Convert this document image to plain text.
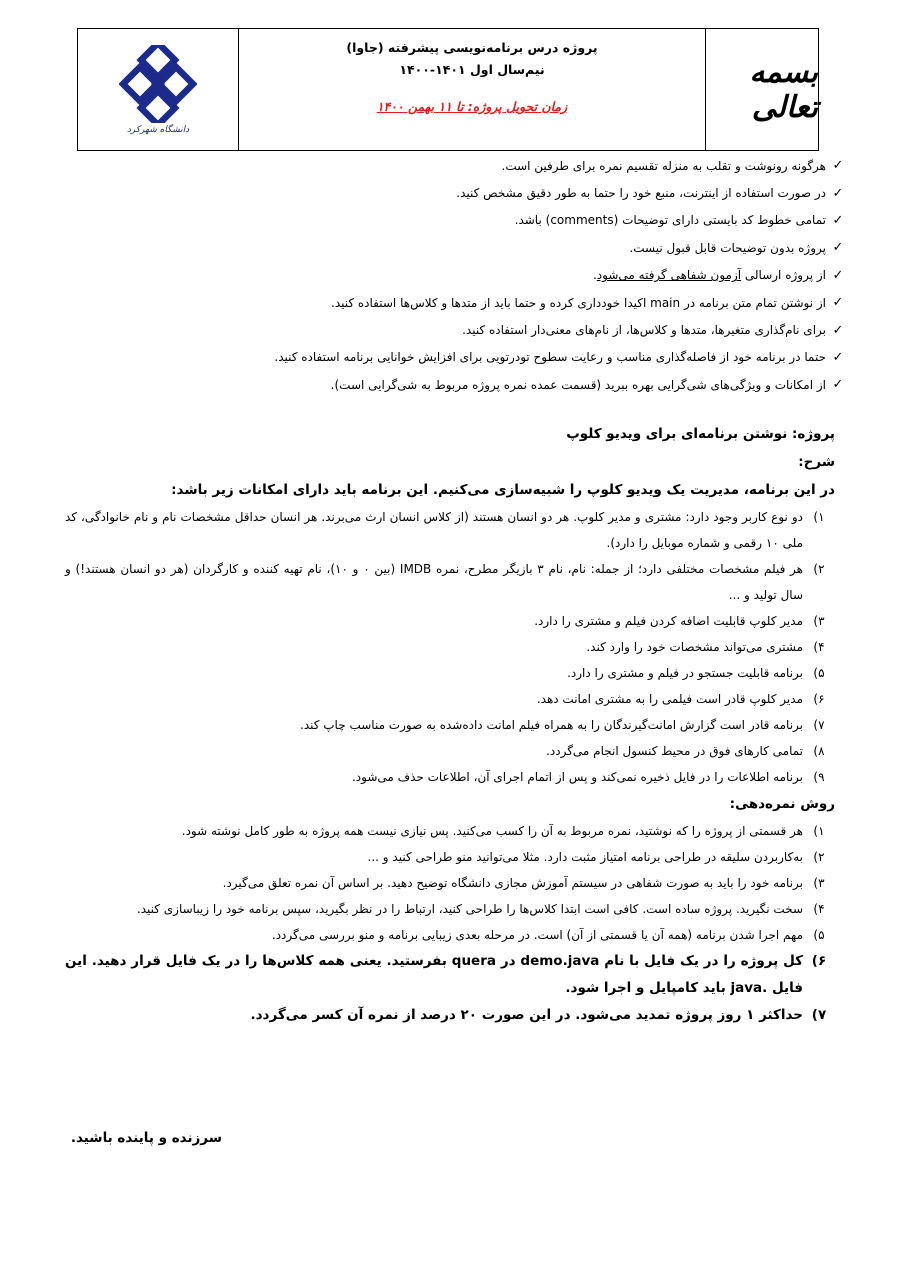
بسمه تعالی
پروژه درس برنامه‌نویسی پیشرفته (جاوا)
نیم‌سال اول ۱۴۰۱-۱۴۰۰
زمان تحویل پروژه: تا ۱۱ بهمن ۱۴۰۰
دانشگاه شهرکرد
✓
هرگونه رونوشت و تقلب به منزله تقسیم نمره برای طرفین است.
✓
در صورت استفاده از اینترنت، منبع خود را حتما به طور دقیق مشخص کنید.
✓
تمامی خطوط کد بایستی دارای توضیحات (comments) باشد.
✓
پروژه بدون توضیحات قابل قبول نیست.
✓
از پروژه ارسالی آزمون شفاهی گرفته می‌شود.
✓
از نوشتن تمام متن برنامه در main اکیدا خودداری کرده و حتما باید از متدها و کلاس‌ها استفاده کنید.
✓
برای نام‌گذاری متغیرها، متدها و کلاس‌ها، از نام‌های معنی‌دار استفاده کنید.
✓
حتما در برنامه خود از فاصله‌گذاری مناسب و رعایت سطوح تودرتویی برای افزایش خوانایی برنامه استفاده کنید.
✓
از امکانات و ویژگی‌های شی‌گرایی بهره ببرید (قسمت عمده نمره پروژه مربوط به شی‌گرایی است).
پروژه: نوشتن برنامه‌ای برای ویدیو کلوپ
شرح:
در این برنامه، مدیریت یک ویدیو کلوپ را شبیه‌سازی می‌کنیم. این برنامه باید دارای امکانات زیر باشد:
۱)
دو نوع کاربر وجود دارد: مشتری و مدیر کلوپ. هر دو انسان هستند (از کلاس انسان ارث می‌برند. هر انسان حداقل مشخصات نام و نام خانوادگی، کد ملی ۱۰ رقمی و شماره موبایل را دارد).
۲)
هر فیلم مشخصات مختلفی دارد؛ از جمله: نام، نام ۳ بازیگر مطرح، نمره IMDB (بین ۰ و ۱۰)، نام تهیه کننده و کارگردان (هر دو انسان هستند!) و سال تولید و ...
۳)
مدیر کلوپ قابلیت اضافه کردن فیلم و مشتری را دارد.
۴)
مشتری می‌تواند مشخصات خود را وارد کند.
۵)
برنامه قابلیت جستجو در فیلم و مشتری را دارد.
۶)
مدیر کلوپ قادر است فیلمی را به مشتری امانت دهد.
۷)
برنامه قادر است گزارش امانت‌گیرندگان را به همراه فیلم امانت داده‌شده به صورت مناسب چاپ کند.
۸)
تمامی کارهای فوق در محیط کنسول انجام می‌گردد.
۹)
برنامه اطلاعات را در فایل ذخیره نمی‌کند و پس از اتمام اجرای آن، اطلاعات حذف می‌شود.
روش نمره‌دهی:
۱)
هر قسمتی از پروژه را که نوشتید، نمره مربوط به آن را کسب می‌کنید. پس نیازی نیست همه پروژه به طور کامل نوشته شود.
۲)
به‌کاربردن سلیقه در طراحی برنامه امتیاز مثبت دارد. مثلا می‌توانید منو طراحی کنید و ...
۳)
برنامه خود را باید به صورت شفاهی در سیستم آموزش مجازی دانشگاه توضیح دهید. بر اساس آن نمره تعلق می‌گیرد.
۴)
سخت نگیرید. پروژه ساده است. کافی است ابتدا کلاس‌ها را طراحی کنید، ارتباط را در نظر بگیرید، سپس برنامه خود را زیباسازی کنید.
۵)
مهم اجرا شدن برنامه (همه آن یا قسمتی از آن) است. در مرحله بعدی زیبایی برنامه و منو بررسی می‌گردد.
۶)
کل پروژه را در یک فایل با نام demo.java در quera بفرستید. یعنی همه کلاس‌ها را در یک فایل قرار دهید. این فایل .java باید کامپایل و اجرا شود.
۷)
حداکثر ۱ روز پروژه تمدید می‌شود. در این صورت ۲۰ درصد از نمره آن کسر می‌گردد.
سرزنده و پاینده باشید.
